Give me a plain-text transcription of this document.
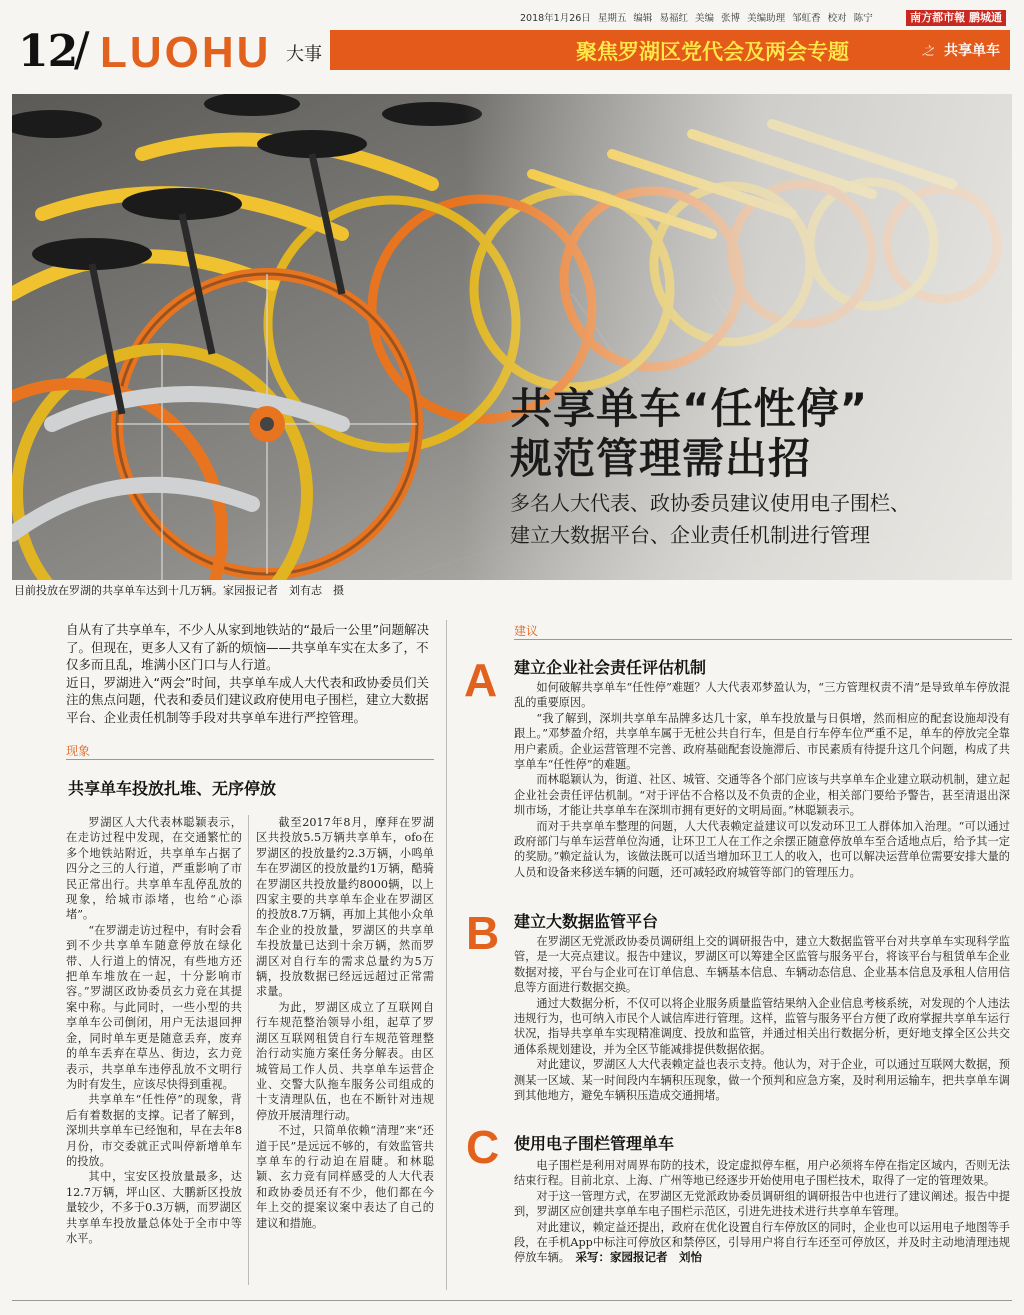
2018年1月26日 星期五 编辑 易福红 美编 张博 美编助理 邹虹香 校对 陈宁	南方都市報 鹏城通
12
/ LUOHU 大事	聚焦罗湖区党代会及两会专题	之 共享单车
共享单车“任性停”
规范管理需出招
多名人大代表、政协委员建议使用电子围栏、
建立大数据平台、企业责任机制进行管理
目前投放在罗湖的共享单车达到十几万辆。家园报记者　刘有志　摄

自从有了共享单车，不少人从家到地铁站的“最后一公里”问题解决了。但现在，更多人又有了新的烦恼——共享单车实在太多了，不仅多而且乱，堆满小区门口与人行道。

近日，罗湖进入“两会”时间，共享单车成人大代表和政协委员们关注的焦点问题，代表和委员们建议政府使用电子围栏，建立大数据平台、企业责任机制等手段对共享单车进行严控管理。

现象
共享单车投放扎堆、无序停放

罗湖区人大代表林聪颖表示，在走访过程中发现，在交通繁忙的多个地铁站附近，共享单车占据了四分之三的人行道，严重影响了市民正常出行。共享单车乱停乱放的现象，给城市添堵，也给“心添堵”。

“在罗湖走访过程中，有时会看到不少共享单车随意停放在绿化带、人行道上的情况，有些地方还把单车堆放在一起，十分影响市容。”罗湖区政协委员玄力竞在其提案中称。与此同时，一些小型的共享单车公司倒闭，用户无法退回押金，同时单车更是随意丢弃，废弃的单车丢弃在草丛、街边，玄力竞表示，共享单车违停乱放不文明行为时有发生，应该尽快得到重视。

共享单车“任性停”的现象，背后有着数据的支撑。记者了解到，深圳共享单车已经饱和，早在去年8月份，市交委就正式叫停新增单车的投放。

其中，宝安区投放量最多，达12.7万辆，坪山区、大鹏新区投放量较少，不多于0.3万辆，而罗湖区共享单车投放量总体处于全市中等水平。

截至2017年8月，摩拜在罗湖区共投放5.5万辆共享单车，ofo在罗湖区的投放量约2.3万辆，小鸣单车在罗湖区的投放量约1万辆，酷骑在罗湖区共投放量约8000辆，以上四家主要的共享单车企业在罗湖区的投放8.7万辆，再加上其他小众单车企业的投放量，罗湖区的共享单车投放量已达到十余万辆，然而罗湖区对自行车的需求总量约为5万辆，投放数据已经远远超过正常需求量。

为此，罗湖区成立了互联网自行车规范整治领导小组，起草了罗湖区互联网租赁自行车规范管理整治行动实施方案任务分解表。由区城管局工作人员、共享单车运营企业、交警大队拖车服务公司组成的十支清理队伍，也在不断针对违规停放开展清理行动。

不过，只简单依赖“清理”来“还道于民”是远远不够的，有效监管共享单车的行动迫在眉睫。和林聪颖、玄力竞有同样感受的人大代表和政协委员还有不少，他们都在今年上交的提案议案中表达了自己的建议和措施。

建议
A 建立企业社会责任评估机制

如何破解共享单车“任性停”难题？人大代表邓梦盈认为，“三方管理权责不清”是导致单车停放混乱的重要原因。

“我了解到，深圳共享单车品牌多达几十家，单车投放量与日俱增，然而相应的配套设施却没有跟上。”邓梦盈介绍，共享单车属于无桩公共自行车，但是自行车停车位严重不足，单车的停放完全靠用户素质。企业运营管理不完善、政府基础配套设施滞后、市民素质有待提升这几个问题，构成了共享单车“任性停”的难题。

而林聪颖认为，街道、社区、城管、交通等各个部门应该与共享单车企业建立联动机制，建立起企业社会责任评估机制。“对于评估不合格以及不负责的企业，相关部门要给予警告，甚至清退出深圳市场，才能让共享单车在深圳市拥有更好的文明局面。”林聪颖表示。

而对于共享单车整理的问题，人大代表赖定益建议可以发动环卫工人群体加入治理。“可以通过政府部门与单车运营单位沟通，让环卫工人在工作之余摆正随意停放单车至合适地点后，给予其一定的奖励。”赖定益认为，该做法既可以适当增加环卫工人的收入，也可以解决运营单位需要安排大量的人员和设备来移送车辆的问题，还可减轻政府城管等部门的管理压力。

B 建立大数据监管平台

在罗湖区无党派政协委员调研组上交的调研报告中，建立大数据监管平台对共享单车实现科学监管，是一大亮点建议。报告中建议，罗湖区可以筹建全区监管与服务平台，将该平台与租赁单车企业数据对接，平台与企业可在订单信息、车辆基本信息、车辆动态信息、企业基本信息及承租人信用信息等方面进行数据交换。

通过大数据分析，不仅可以将企业服务质量监管结果纳入企业信息考核系统，对发现的个人违法违规行为，也可纳入市民个人诚信库进行管理。这样，监管与服务平台方便了政府掌握共享单车运行状况，指导共享单车实现精准调度、投放和监管，并通过相关出行数据分析，更好地支撑全区公共交通体系规划建设，并为全区节能减排提供数据依据。

对此建议，罗湖区人大代表赖定益也表示支持。他认为，对于企业，可以通过互联网大数据，预测某一区域、某一时间段内车辆积压现象，做一个预判和应急方案，及时利用运输车，把共享单车调到其他地方，避免车辆积压造成交通拥堵。

C 使用电子围栏管理单车

电子围栏是利用对周界布防的技术，设定虚拟停车框，用户必须将车停在指定区域内，否则无法结束行程。目前北京、上海、广州等地已经逐步开始使用电子围栏技术，取得了一定的管理效果。

对于这一管理方式，在罗湖区无党派政协委员调研组的调研报告中也进行了建议阐述。报告中提到，罗湖区应创建共享单车电子围栏示范区，引进先进技术进行共享单车管理。

对此建议，赖定益还提出，政府在优化设置自行车停放区的同时，企业也可以运用电子地图等手段，在手机App中标注可停放区和禁停区，引导用户将自行车还至可停放区，并及时主动地清理违规停放车辆。　 采写：家园报记者　刘怡
